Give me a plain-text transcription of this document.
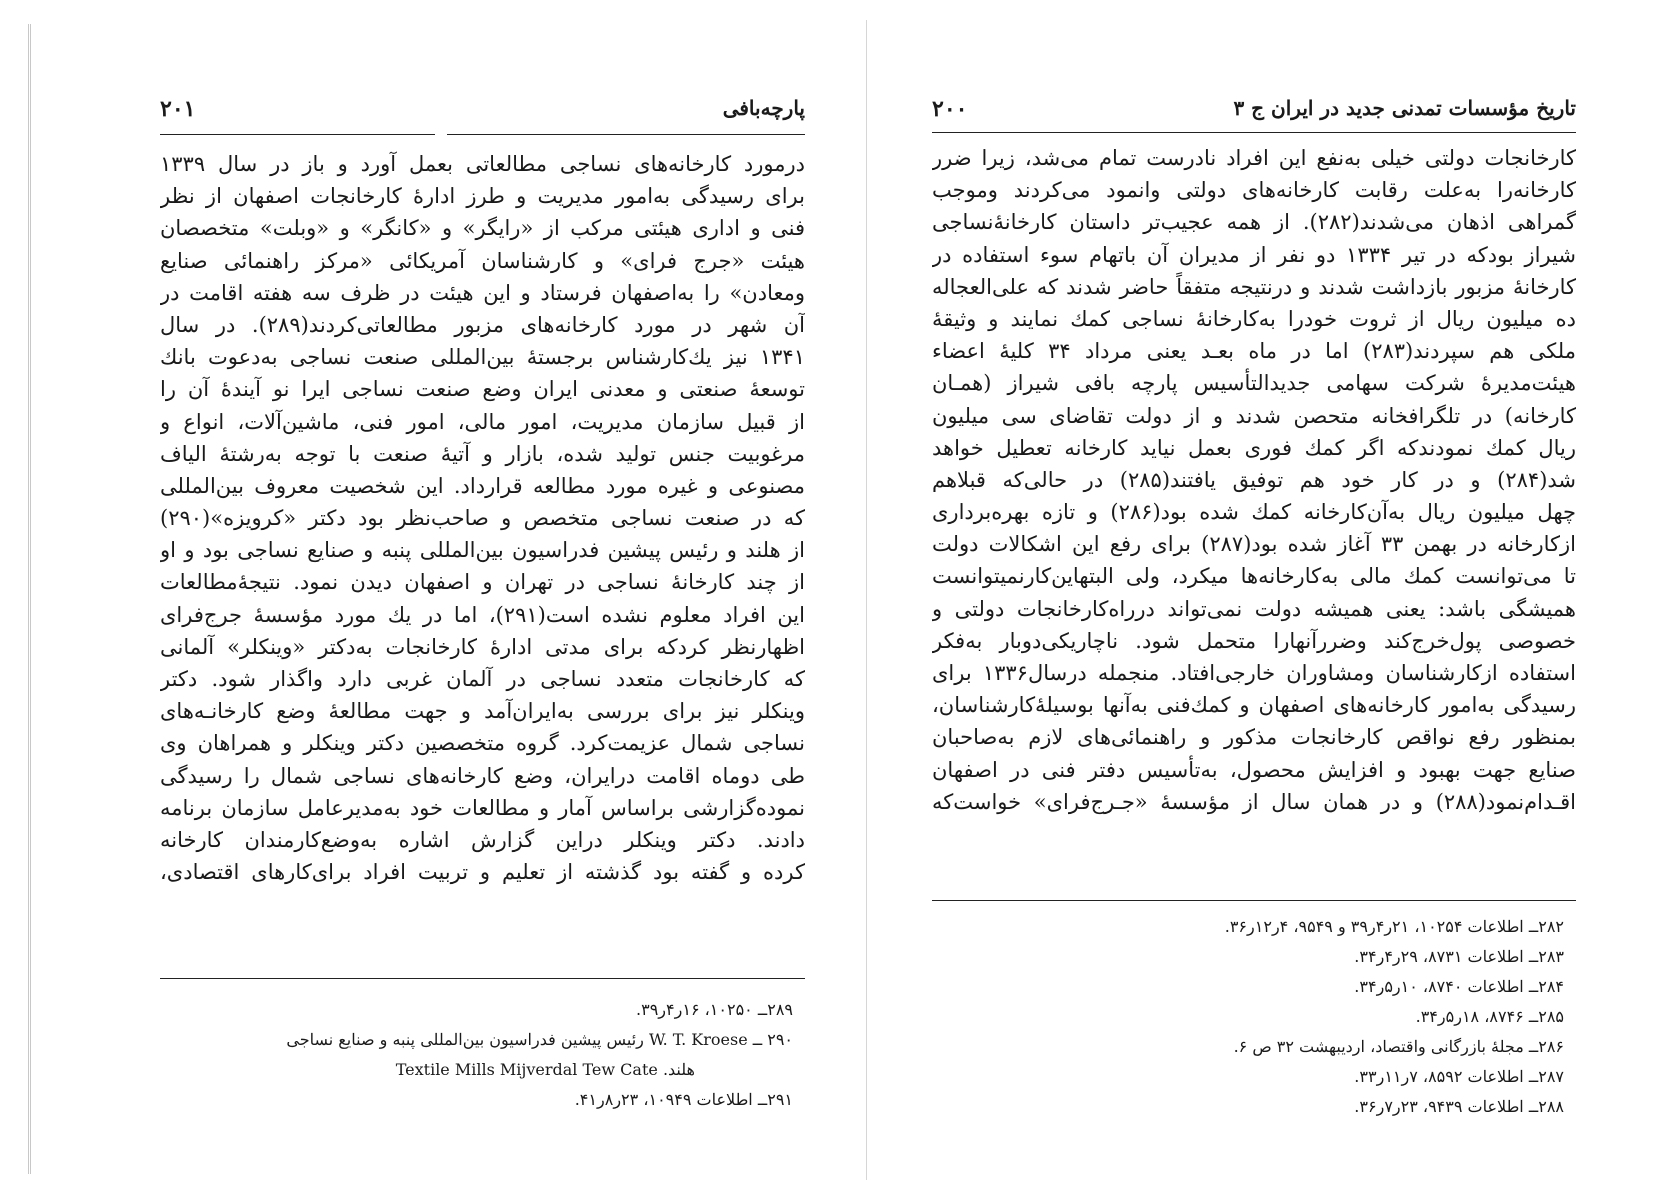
پارچه‌بافی
۲۰۱
درمورد کارخانه‌های نساجی مطالعاتی بعمل آورد و باز در سال ۱۳۳۹
برای رسیدگی به‌امور مدیریت و طرز ادارهٔ کارخانجات اصفهان از نظر
فنی و اداری هیئتی مرکب از «رایگر» و «کانگر» و «وبلت» متخصصان
هیئت «جرج فرای» و کارشناسان آمریکائی «مرکز راهنمائی صنایع
ومعادن» را به‌اصفهان فرستاد و این هیئت در ظرف سه هفته اقامت در
آن شهر در مورد کارخانه‌های مزبور مطالعاتی‌کردند(۲۸۹). در سال
۱۳۴۱ نیز یك‌کارشناس برجستهٔ بین‌المللی صنعت نساجی به‌دعوت بانك
توسعهٔ صنعتی و معدنی ایران وضع صنعت نساجی ایرا نو آیندهٔ آن را
از قبیل سازمان مدیریت، امور مالی، امور فنی، ماشین‌آلات، انواع و
مرغوبیت جنس تولید شده، بازار و آتیهٔ صنعت با توجه به‌رشتهٔ الیاف
مصنوعی و غیره مورد مطالعه قرارداد. این شخصیت معروف بین‌المللی
که در صنعت نساجی متخصص و صاحب‌نظر بود دکتر «کرویزه»(۲۹۰)
از هلند و رئیس پیشین فدراسیون بین‌المللی پنبه و صنایع نساجی بود و او
از چند کارخانهٔ نساجی در تهران و اصفهان دیدن نمود. نتیجهٔ‌مطالعات
این افراد معلوم نشده است(۲۹۱)، اما در یك مورد مؤسسهٔ جرج‌فرای
اظهارنظر کردکه برای مدتی ادارهٔ کارخانجات به‌دکتر «وینکلر» آلمانی
که کارخانجات متعدد نساجی در آلمان غربی دارد واگذار شود. دکتر
وینکلر نیز برای بررسی به‌ایران‌آمد و جهت مطالعهٔ وضع کارخانـه‌های
نساجی شمال عزیمت‌کرد. گروه متخصصین دکتر وینکلر و همراهان وی
طی دوماه اقامت درایران، وضع کارخانه‌های نساجی شمال را رسیدگی
نموده‌گزارشی براساس آمار و مطالعات خود به‌مدیرعامل سازمان برنامه
دادند. دکتر وینکلر دراین گزارش اشاره به‌وضع‌کارمندان کارخانه
کرده و گفته بود گذشته از تعلیم و تربیت افراد برای‌کارهای اقتصادی،
۲۸۹ــ ۱۰۲۵۰، ۱۶ر۴ر۳۹.
۲۹۰ ــ W. T. Kroese رئیس پیشین فدراسیون بین‌المللی پنبه و صنایع نساجی
هلند. Textile Mills Mijverdal Tew Cate
۲۹۱ــ اطلاعات ۱۰۹۴۹، ۲۳ر۸ر۴۱.
تاریخ مؤسسات تمدنی جدید در ایران ج ۳
۲۰۰
کارخانجات دولتی خیلی به‌نفع این افراد نادرست تمام می‌شد، زیرا ضرر
کارخانه‌را به‌علت رقابت کارخانه‌های دولتی وانمود می‌کردند وموجب
گمراهی اذهان می‌شدند(۲۸۲). از همه عجیب‌تر داستان کارخانهٔ‌نساجی
شیراز بودکه در تیر ۱۳۳۴ دو نفر از مدیران آن باتهام سوء استفاده در
کارخانهٔ مزبور بازداشت شدند و درنتیجه متفقاً حاضر شدند که علی‌العجاله
ده میلیون ریال از ثروت خودرا به‌کارخانهٔ نساجی کمك نمایند و وثیقهٔ
ملکی هم سپردند(۲۸۳) اما در ماه بعـد یعنی مرداد ۳۴ کلیهٔ اعضاء
هیئت‌مدیرهٔ شرکت سهامی جدیدالتأسیس پارچه بافی شیراز (همـان
کارخانه) در تلگرافخانه متحصن شدند و از دولت تقاضای سی میلیون
ریال کمك نمودندکه اگر کمك فوری بعمل نیاید کارخانه تعطیل خواهد
شد(۲۸۴) و در کار خود هم توفیق یافتند(۲۸۵) در حالی‌که قبلاهم
چهل میلیون ریال به‌آن‌کارخانه کمك شده بود(۲۸۶) و تازه بهره‌برداری
ازکارخانه در بهمن ۳۳ آغاز شده بود(۲۸۷) برای رفع این اشکالات دولت
تا می‌توانست کمك مالی به‌کارخانه‌ها میکرد، ولی البتهاین‌کارنمیتوانست
همیشگی باشد: یعنی همیشه دولت نمی‌تواند درراه‌کارخانجات دولتی و
خصوصی پول‌خرج‌کند وضررآنهارا متحمل شود. ناچاریکی‌دوبار به‌فکر
استفاده ازکارشناسان ومشاوران خارجی‌افتاد. منجمله درسال۱۳۳۶ برای
رسیدگی به‌امور کارخانه‌های اصفهان و کمك‌فنی به‌آنها بوسیلهٔ‌کارشناسان،
بمنظور رفع نواقص کارخانجات مذکور و راهنمائی‌های لازم به‌صاحبان
صنایع جهت بهبود و افزایش محصول، به‌تأسیس دفتر فنی در اصفهان
اقـدام‌نمود(۲۸۸) و در همان سال از مؤسسهٔ «جـرج‌فرای» خواست‌که
۲۸۲ــ اطلاعات ۱۰۲۵۴، ۲۱ر۴ر۳۹ و ۹۵۴۹، ۴ر۱۲ر۳۶.
۲۸۳ــ اطلاعات ۸۷۳۱، ۲۹ر۴ر۳۴.
۲۸۴ــ اطلاعات ۸۷۴۰، ۱۰ر۵ر۳۴.
۲۸۵ــ ۸۷۴۶، ۱۸ر۵ر۳۴.
۲۸۶ــ مجلهٔ بازرگانی واقتصاد، اردیبهشت ۳۲ ص ۶.
۲۸۷ــ اطلاعات ۸۵۹۲، ۷ر۱۱ر۳۳.
۲۸۸ــ اطلاعات ۹۴۳۹، ۲۳ر۷ر۳۶.
